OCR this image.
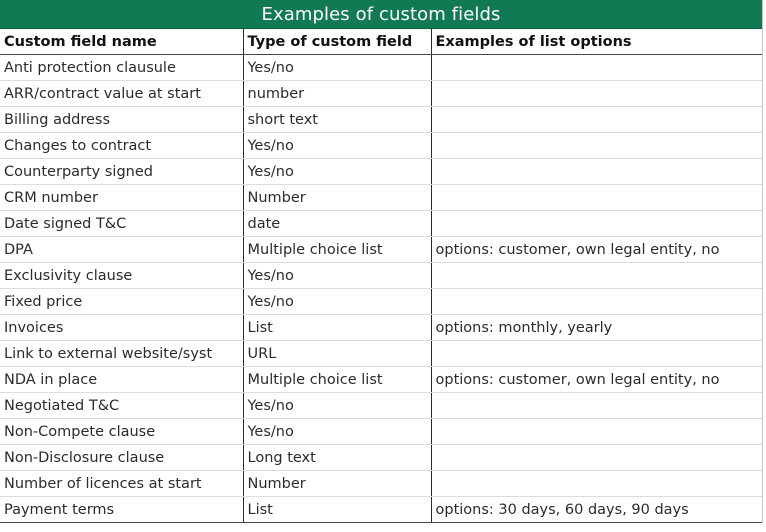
Examples of custom fields
Custom field name	Type of custom field	Examples of list options
Anti protection clausule	Yes/no	
ARR/contract value at start	number	
Billing address	short text	
Changes to contract	Yes/no	
Counterparty signed	Yes/no	
CRM number	Number	
Date signed T&C	date	
DPA	Multiple choice list	options: customer, own legal entity, no
Exclusivity clause	Yes/no	
Fixed price	Yes/no	
Invoices	List	options: monthly, yearly
Link to external website/syst	URL	
NDA in place	Multiple choice list	options: customer, own legal entity, no
Negotiated T&C	Yes/no	
Non-Compete clause	Yes/no	
Non-Disclosure clause	Long text	
Number of licences at start	Number	
Payment terms	List	options: 30 days, 60 days, 90 days
